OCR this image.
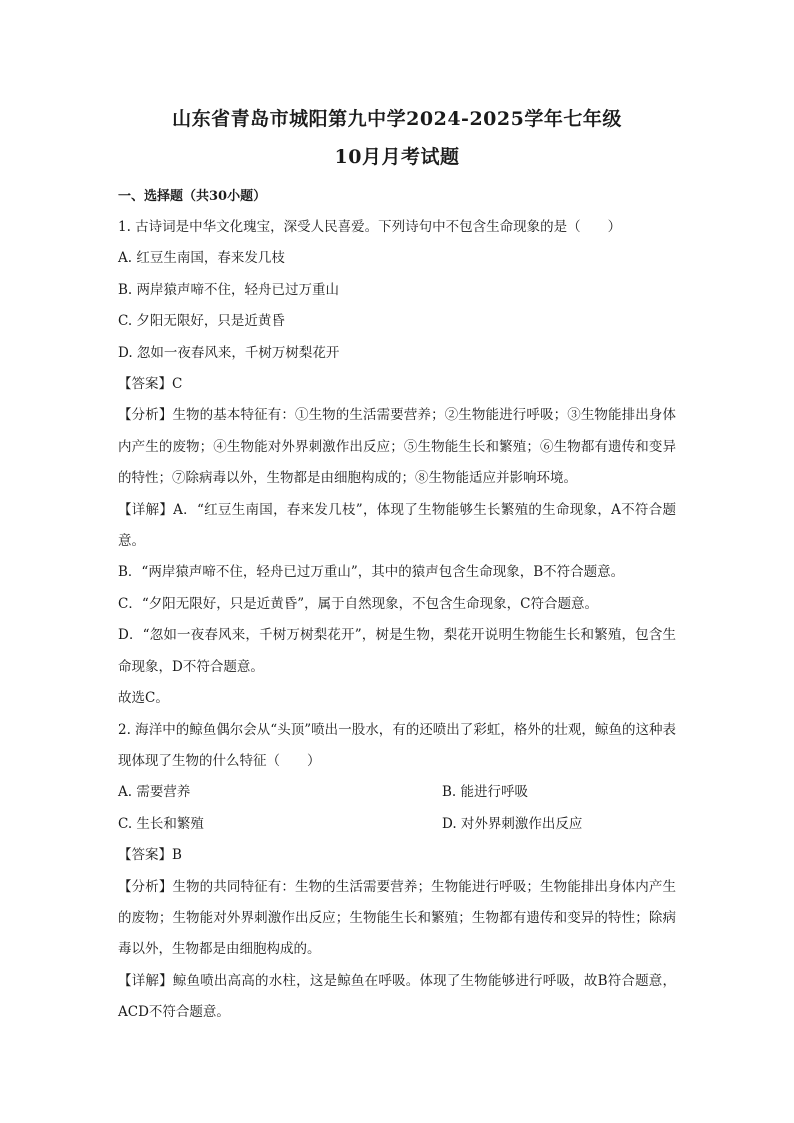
山东省青岛市城阳第九中学2024-2025学年七年级
10月月考试题

一、选择题（共30小题）

1. 古诗词是中华文化瑰宝，深受人民喜爱。下列诗句中不包含生命现象的是（　　）

A. 红豆生南国，春来发几枝

B. 两岸猿声啼不住，轻舟已过万重山

C. 夕阳无限好，只是近黄昏

D. 忽如一夜春风来，千树万树梨花开

【答案】C

【分析】生物的基本特征有：①生物的生活需要营养；②生物能进行呼吸；③生物能排出身体内产生的废物；④生物能对外界刺激作出反应；⑤生物能生长和繁殖；⑥生物都有遗传和变异的特性；⑦除病毒以外，生物都是由细胞构成的；⑧生物能适应并影响环境。

【详解】A．“红豆生南国，春来发几枝”，体现了生物能够生长繁殖的生命现象，A不符合题意。

B．“两岸猿声啼不住，轻舟已过万重山”，其中的猿声包含生命现象，B不符合题意。

C．“夕阳无限好，只是近黄昏”，属于自然现象，不包含生命现象，C符合题意。

D．“忽如一夜春风来，千树万树梨花开”，树是生物，梨花开说明生物能生长和繁殖，包含生命现象，D不符合题意。

故选C。

2. 海洋中的鲸鱼偶尔会从“头顶”喷出一股水，有的还喷出了彩虹，格外的壮观，鲸鱼的这种表现体现了生物的什么特征（　　）

A. 需要营养	B. 能进行呼吸
C. 生长和繁殖	D. 对外界刺激作出反应

【答案】B

【分析】生物的共同特征有：生物的生活需要营养；生物能进行呼吸；生物能排出身体内产生的废物；生物能对外界刺激作出反应；生物能生长和繁殖；生物都有遗传和变异的特性；除病毒以外，生物都是由细胞构成的。

【详解】鲸鱼喷出高高的水柱，这是鲸鱼在呼吸。体现了生物能够进行呼吸，故B符合题意，ACD不符合题意。
